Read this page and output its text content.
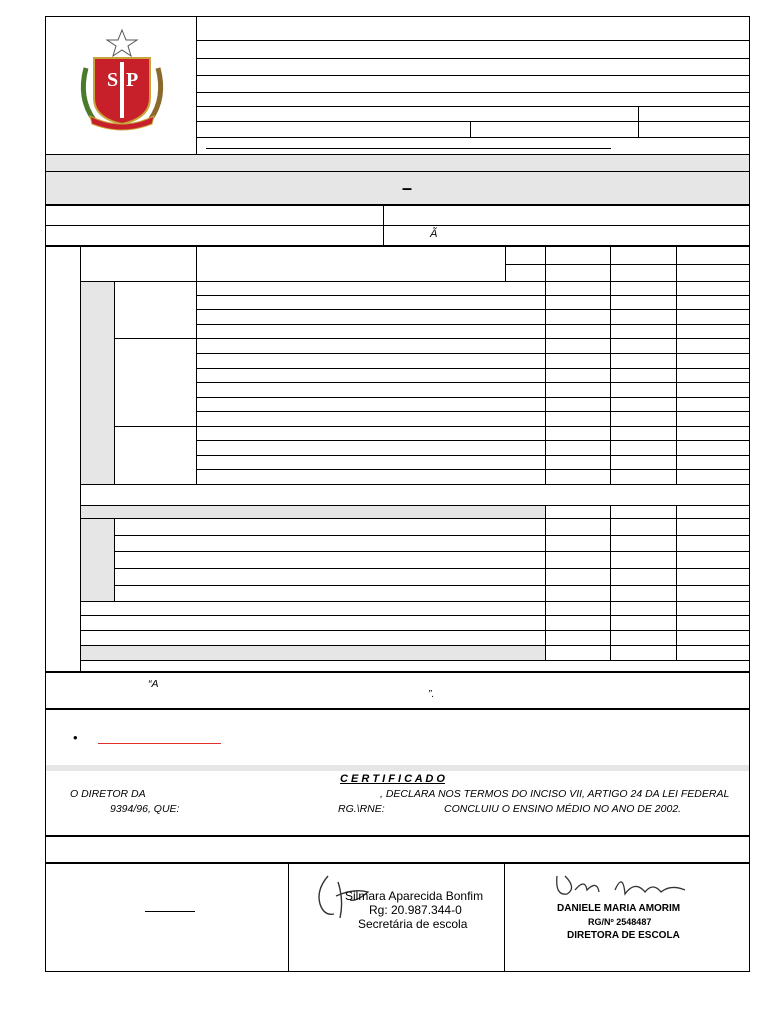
S P
–
Ã
“A
”.
•
C E R T I F I C A D O
O DIRETOR DA	, DECLARA NOS TERMOS DO INCISO VII, ARTIGO 24 DA LEI FEDERAL
9394/96, QUE:	RG.\RNE:	CONCLUIU O ENSINO MÉDIO NO ANO DE 2002.
Silmara Aparecida Bonfim
Rg: 20.987.344-0
Secretária de escola
DANIELE MARIA AMORIM
RG/Nº 2548487
DIRETORA DE ESCOLA
